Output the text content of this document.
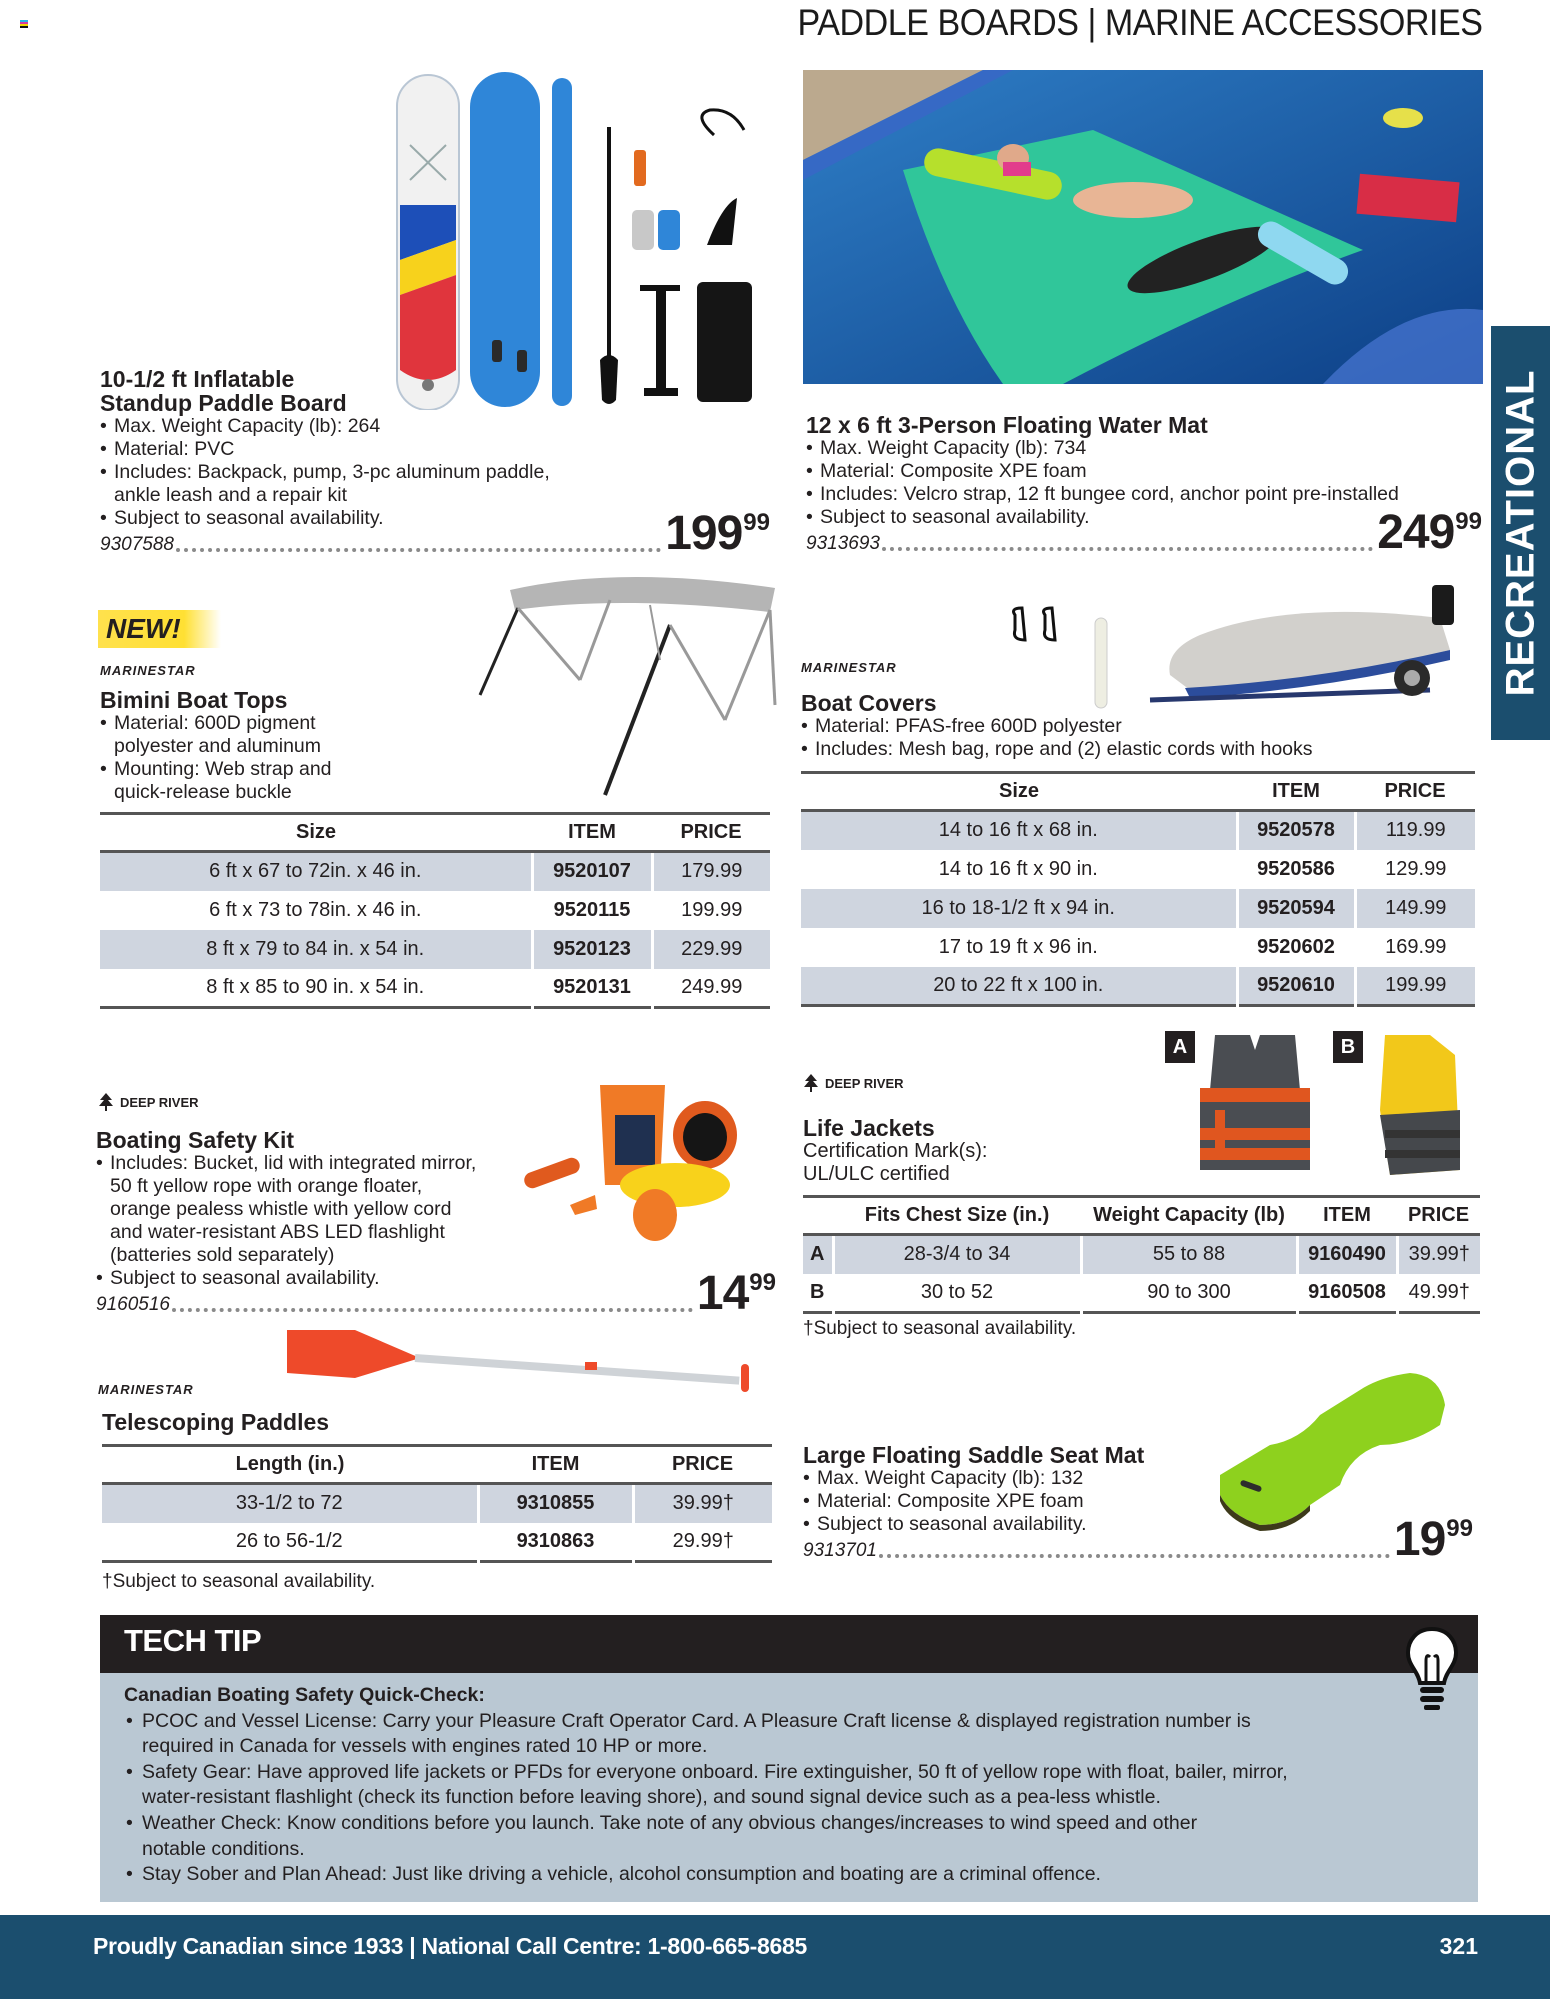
PADDLE BOARDS | MARINE ACCESSORIES
RECREATIONAL
10-1/2 ft Inflatable
Standup Paddle Board
• Max. Weight Capacity (lb): 264
• Material: PVC
• Includes: Backpack, pump, 3-pc aluminum paddle,
ankle leash and a repair kit
• Subject to seasonal availability.
9307588	199 99
12 x 6 ft 3-Person Floating Water Mat
• Max. Weight Capacity (lb): 734
• Material: Composite XPE foam
• Includes: Velcro strap, 12 ft bungee cord, anchor point pre-installed
• Subject to seasonal availability.
9313693	249 99
NEW!
MARINESTAR
Bimini Boat Tops
• Material: 600D pigment
polyester and aluminum
• Mounting: Web strap and
quick-release buckle
Size	ITEM	PRICE
6 ft x 67 to 72in. x 46 in.	9520107	179.99
6 ft x 73 to 78in. x 46 in.	9520115	199.99
8 ft x 79 to 84 in. x 54 in.	9520123	229.99
8 ft x 85 to 90 in. x 54 in.	9520131	249.99
MARINESTAR
Boat Covers
• Material: PFAS-free 600D polyester
• Includes: Mesh bag, rope and (2) elastic cords with hooks
Size	ITEM	PRICE
14 to 16 ft x 68 in.	9520578	119.99
14 to 16 ft x 90 in.	9520586	129.99
16 to 18-1/2 ft x 94 in.	9520594	149.99
17 to 19 ft x 96 in.	9520602	169.99
20 to 22 ft x 100 in.	9520610	199.99
DEEP RIVER
Boating Safety Kit
• Includes: Bucket, lid with integrated mirror,
50 ft yellow rope with orange floater,
orange pealess whistle with yellow cord
and water-resistant ABS LED flashlight
(batteries sold separately)
• Subject to seasonal availability.
9160516	14 99
DEEP RIVER
A	B
Life Jackets
Certification Mark(s):
UL/ULC certified
	Fits Chest Size (in.)	Weight Capacity (lb)	ITEM	PRICE
A	28-3/4 to 34	55 to 88	9160490	39.99†
B	30 to 52	90 to 300	9160508	49.99†
†Subject to seasonal availability.
MARINESTAR
Telescoping Paddles
Length (in.)	ITEM	PRICE
33-1/2 to 72	9310855	39.99†
26 to 56-1/2	9310863	29.99†
†Subject to seasonal availability.
Large Floating Saddle Seat Mat
• Max. Weight Capacity (lb): 132
• Material: Composite XPE foam
• Subject to seasonal availability.
9313701	19 99
TECH TIP
Canadian Boating Safety Quick-Check:
• PCOC and Vessel License: Carry your Pleasure Craft Operator Card. A Pleasure Craft license & displayed registration number is
required in Canada for vessels with engines rated 10 HP or more.
• Safety Gear: Have approved life jackets or PFDs for everyone onboard. Fire extinguisher, 50 ft of yellow rope with float, bailer, mirror,
water-resistant flashlight (check its function before leaving shore), and sound signal device such as a pea-less whistle.
• Weather Check: Know conditions before you launch. Take note of any obvious changes/increases to wind speed and other
notable conditions.
• Stay Sober and Plan Ahead: Just like driving a vehicle, alcohol consumption and boating are a criminal offence.
Proudly Canadian since 1933 | National Call Centre: 1-800-665-8685	321
